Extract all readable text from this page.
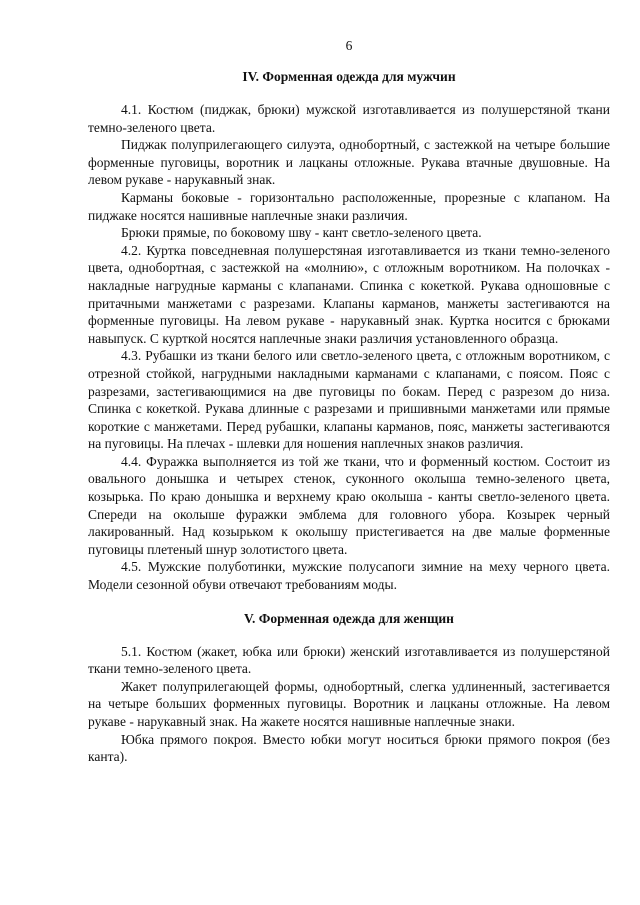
6
IV. Форменная одежда для мужчин

4.1. Костюм (пиджак, брюки) мужской изготавливается из полушерстяной ткани темно-зеленого цвета.

Пиджак полуприлегающего силуэта, однобортный, с застежкой на четыре большие форменные пуговицы, воротник и лацканы отложные. Рукава втачные двушовные. На левом рукаве - нарукавный знак.

Карманы боковые - горизонтально расположенные, прорезные с клапаном. На пиджаке носятся нашивные наплечные знаки различия.

Брюки прямые, по боковому шву - кант светло-зеленого цвета.

4.2. Куртка повседневная полушерстяная изготавливается из ткани темно-зеленого цвета, однобортная, с застежкой на «молнию», с отложным воротником. На полочках - накладные нагрудные карманы с клапанами. Спинка с кокеткой. Рукава одношовные с притачными манжетами с разрезами. Клапаны карманов, манжеты застегиваются на форменные пуговицы. На левом рукаве - нарукавный знак. Куртка носится с брюками навыпуск. С курткой носятся наплечные знаки различия установленного образца.

4.3. Рубашки из ткани белого или светло-зеленого цвета, с отложным воротником, с отрезной стойкой, нагрудными накладными карманами с клапанами, с поясом. Пояс с разрезами, застегивающимися на две пуговицы по бокам. Перед с разрезом до низа. Спинка с кокеткой. Рукава длинные с разрезами и пришивными манжетами или прямые короткие с манжетами. Перед рубашки, клапаны карманов, пояс, манжеты застегиваются на пуговицы. На плечах - шлевки для ношения наплечных знаков различия.

4.4. Фуражка выполняется из той же ткани, что и форменный костюм. Состоит из овального донышка и четырех стенок, суконного околыша темно-зеленого цвета, козырька. По краю донышка и верхнему краю околыша - канты светло-зеленого цвета. Спереди на околыше фуражки эмблема для головного убора. Козырек черный лакированный. Над козырьком к околышу пристегивается на две малые форменные пуговицы плетеный шнур золотистого цвета.

4.5. Мужские полуботинки, мужские полусапоги зимние на меху черного цвета. Модели сезонной обуви отвечают требованиям моды.

V. Форменная одежда для женщин

5.1. Костюм (жакет, юбка или брюки) женский изготавливается из полушерстяной ткани темно-зеленого цвета.

Жакет полуприлегающей формы, однобортный, слегка удлиненный, застегивается на четыре больших форменных пуговицы. Воротник и лацканы отложные. На левом рукаве - нарукавный знак. На жакете носятся нашивные наплечные знаки.

Юбка прямого покроя. Вместо юбки могут носиться брюки прямого покроя (без канта).
